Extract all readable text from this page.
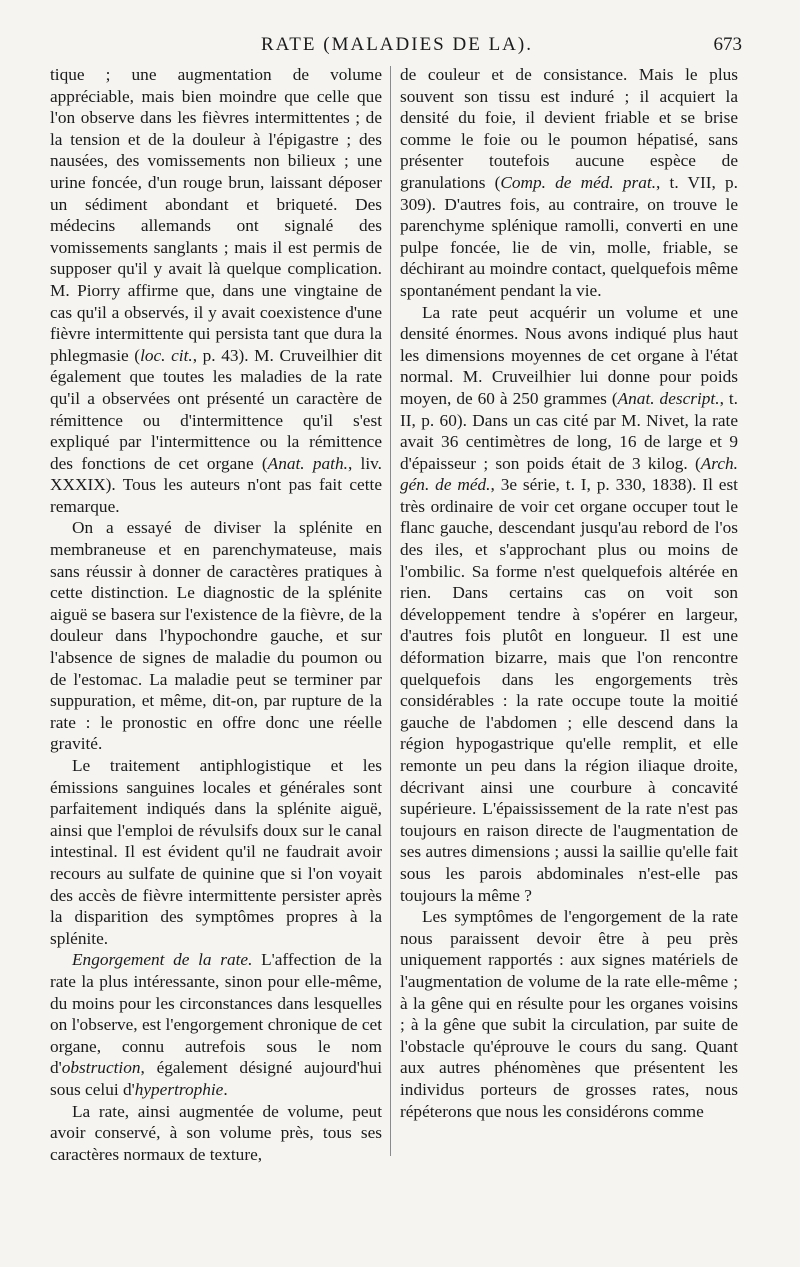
RATE (MALADIES DE LA).	673

tique ; une augmentation de volume appréciable, mais bien moindre que celle que l'on observe dans les fièvres intermittentes ; de la tension et de la douleur à l'épigastre ; des nausées, des vomissements non bilieux ; une urine foncée, d'un rouge brun, laissant déposer un sédiment abondant et briqueté. Des médecins allemands ont signalé des vomissements sanglants ; mais il est permis de supposer qu'il y avait là quelque complication. M. Piorry affirme que, dans une vingtaine de cas qu'il a observés, il y avait coexistence d'une fièvre intermittente qui persista tant que dura la phlegmasie (loc. cit., p. 43). M. Cruveilhier dit également que toutes les maladies de la rate qu'il a observées ont présenté un caractère de rémittence ou d'intermittence qu'il s'est expliqué par l'intermittence ou la rémittence des fonctions de cet organe (Anat. path., liv. XXXIX). Tous les auteurs n'ont pas fait cette remarque.

On a essayé de diviser la splénite en membraneuse et en parenchymateuse, mais sans réussir à donner de caractères pratiques à cette distinction. Le diagnostic de la splénite aiguë se basera sur l'existence de la fièvre, de la douleur dans l'hypochondre gauche, et sur l'absence de signes de maladie du poumon ou de l'estomac. La maladie peut se terminer par suppuration, et même, dit-on, par rupture de la rate : le pronostic en offre donc une réelle gravité.

Le traitement antiphlogistique et les émissions sanguines locales et générales sont parfaitement indiqués dans la splénite aiguë, ainsi que l'emploi de révulsifs doux sur le canal intestinal. Il est évident qu'il ne faudrait avoir recours au sulfate de quinine que si l'on voyait des accès de fièvre intermittente persister après la disparition des symptômes propres à la splénite.

Engorgement de la rate. L'affection de la rate la plus intéressante, sinon pour elle-même, du moins pour les circonstances dans lesquelles on l'observe, est l'engorgement chronique de cet organe, connu autrefois sous le nom d'obstruction, également désigné aujourd'hui sous celui d'hypertrophie.

La rate, ainsi augmentée de volume, peut avoir conservé, à son volume près, tous ses caractères normaux de texture,

de couleur et de consistance. Mais le plus souvent son tissu est induré ; il acquiert la densité du foie, il devient friable et se brise comme le foie ou le poumon hépatisé, sans présenter toutefois aucune espèce de granulations (Comp. de méd. prat., t. VII, p. 309). D'autres fois, au contraire, on trouve le parenchyme splénique ramolli, converti en une pulpe foncée, lie de vin, molle, friable, se déchirant au moindre contact, quelquefois même spontanément pendant la vie.

La rate peut acquérir un volume et une densité énormes. Nous avons indiqué plus haut les dimensions moyennes de cet organe à l'état normal. M. Cruveilhier lui donne pour poids moyen, de 60 à 250 grammes (Anat. descript., t. II, p. 60). Dans un cas cité par M. Nivet, la rate avait 36 centimètres de long, 16 de large et 9 d'épaisseur ; son poids était de 3 kilog. (Arch. gén. de méd., 3e série, t. I, p. 330, 1838). Il est très ordinaire de voir cet organe occuper tout le flanc gauche, descendant jusqu'au rebord de l'os des iles, et s'approchant plus ou moins de l'ombilic. Sa forme n'est quelquefois altérée en rien. Dans certains cas on voit son développement tendre à s'opérer en largeur, d'autres fois plutôt en longueur. Il est une déformation bizarre, mais que l'on rencontre quelquefois dans les engorgements très considérables : la rate occupe toute la moitié gauche de l'abdomen ; elle descend dans la région hypogastrique qu'elle remplit, et elle remonte un peu dans la région iliaque droite, décrivant ainsi une courbure à concavité supérieure. L'épaississement de la rate n'est pas toujours en raison directe de l'augmentation de ses autres dimensions ; aussi la saillie qu'elle fait sous les parois abdominales n'est-elle pas toujours la même ?

Les symptômes de l'engorgement de la rate nous paraissent devoir être à peu près uniquement rapportés : aux signes matériels de l'augmentation de volume de la rate elle-même ; à la gêne qui en résulte pour les organes voisins ; à la gêne que subit la circulation, par suite de l'obstacle qu'éprouve le cours du sang. Quant aux autres phénomènes que présentent les individus porteurs de grosses rates, nous répéterons que nous les considérons comme
